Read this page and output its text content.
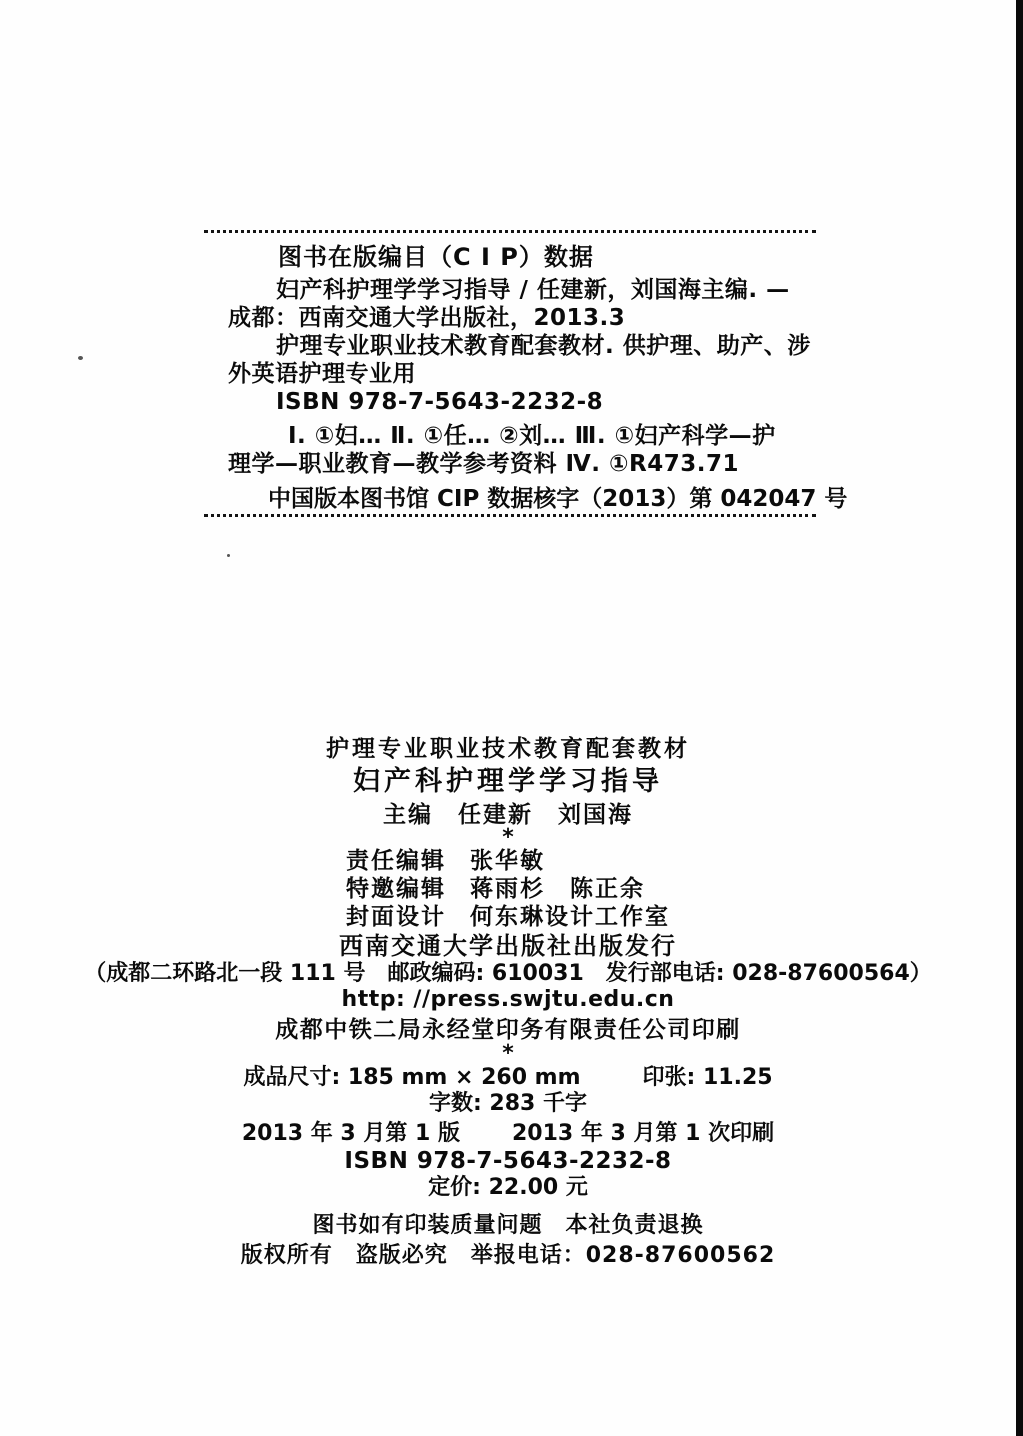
图书在版编目（C I P）数据
妇产科护理学学习指导 / 任建新，刘国海主编. —
成都：西南交通大学出版社，2013.3
护理专业职业技术教育配套教材. 供护理、助产、涉
外英语护理专业用
ISBN 978-7-5643-2232-8
Ⅰ. ①妇… Ⅱ. ①任… ②刘… Ⅲ. ①妇产科学—护
理学—职业教育—教学参考资料 Ⅳ. ①R473.71
中国版本图书馆 CIP 数据核字（2013）第 042047 号
护理专业职业技术教育配套教材
妇产科护理学学习指导
主编　任建新　刘国海
*
责任编辑 张华敏
特邀编辑 蒋雨杉　陈正余
封面设计 何东琳设计工作室
西南交通大学出版社出版发行
（成都二环路北一段 111 号　邮政编码: 610031　发行部电话: 028-87600564）
http: //press.swjtu.edu.cn
成都中铁二局永经堂印务有限责任公司印刷
*
成品尺寸: 185 mm × 260 mm	印张: 11.25
字数: 283 千字
2013 年 3 月第 1 版 2013 年 3 月第 1 次印刷
ISBN 978-7-5643-2232-8
定价: 22.00 元
图书如有印装质量问题　本社负责退换
版权所有　盗版必究　举报电话：028-87600562
